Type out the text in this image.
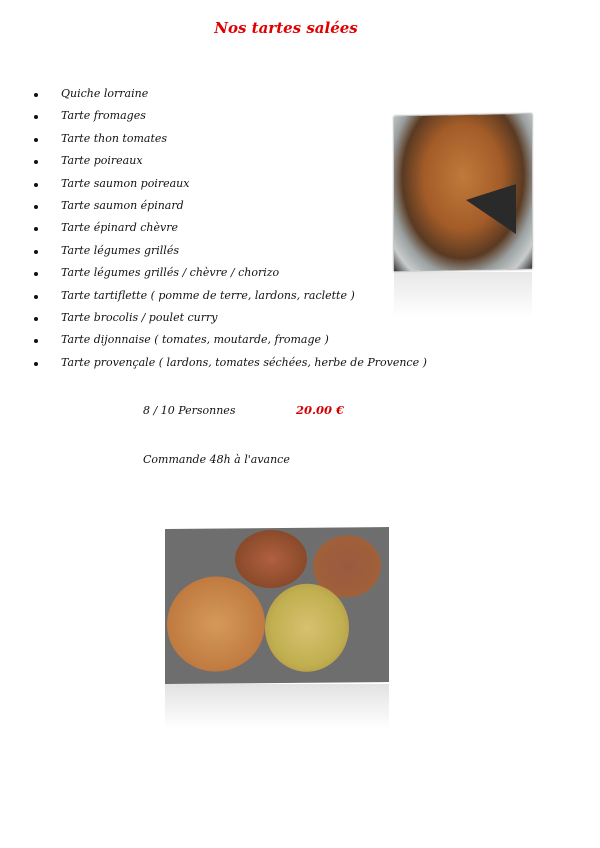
Nos tartes salées
Quiche lorraine
Tarte fromages
Tarte thon tomates
Tarte poireaux
Tarte saumon poireaux
Tarte saumon épinard
Tarte épinard chèvre
Tarte légumes grillés
Tarte légumes grillés / chèvre / chorizo
Tarte tartiflette ( pomme de terre, lardons, raclette )
Tarte brocolis / poulet curry
Tarte dijonnaise ( tomates, moutarde, fromage )
Tarte provençale ( lardons, tomates séchées, herbe de Provence )
8 / 10 Personnes	20.00 €
Commande 48h à l'avance
